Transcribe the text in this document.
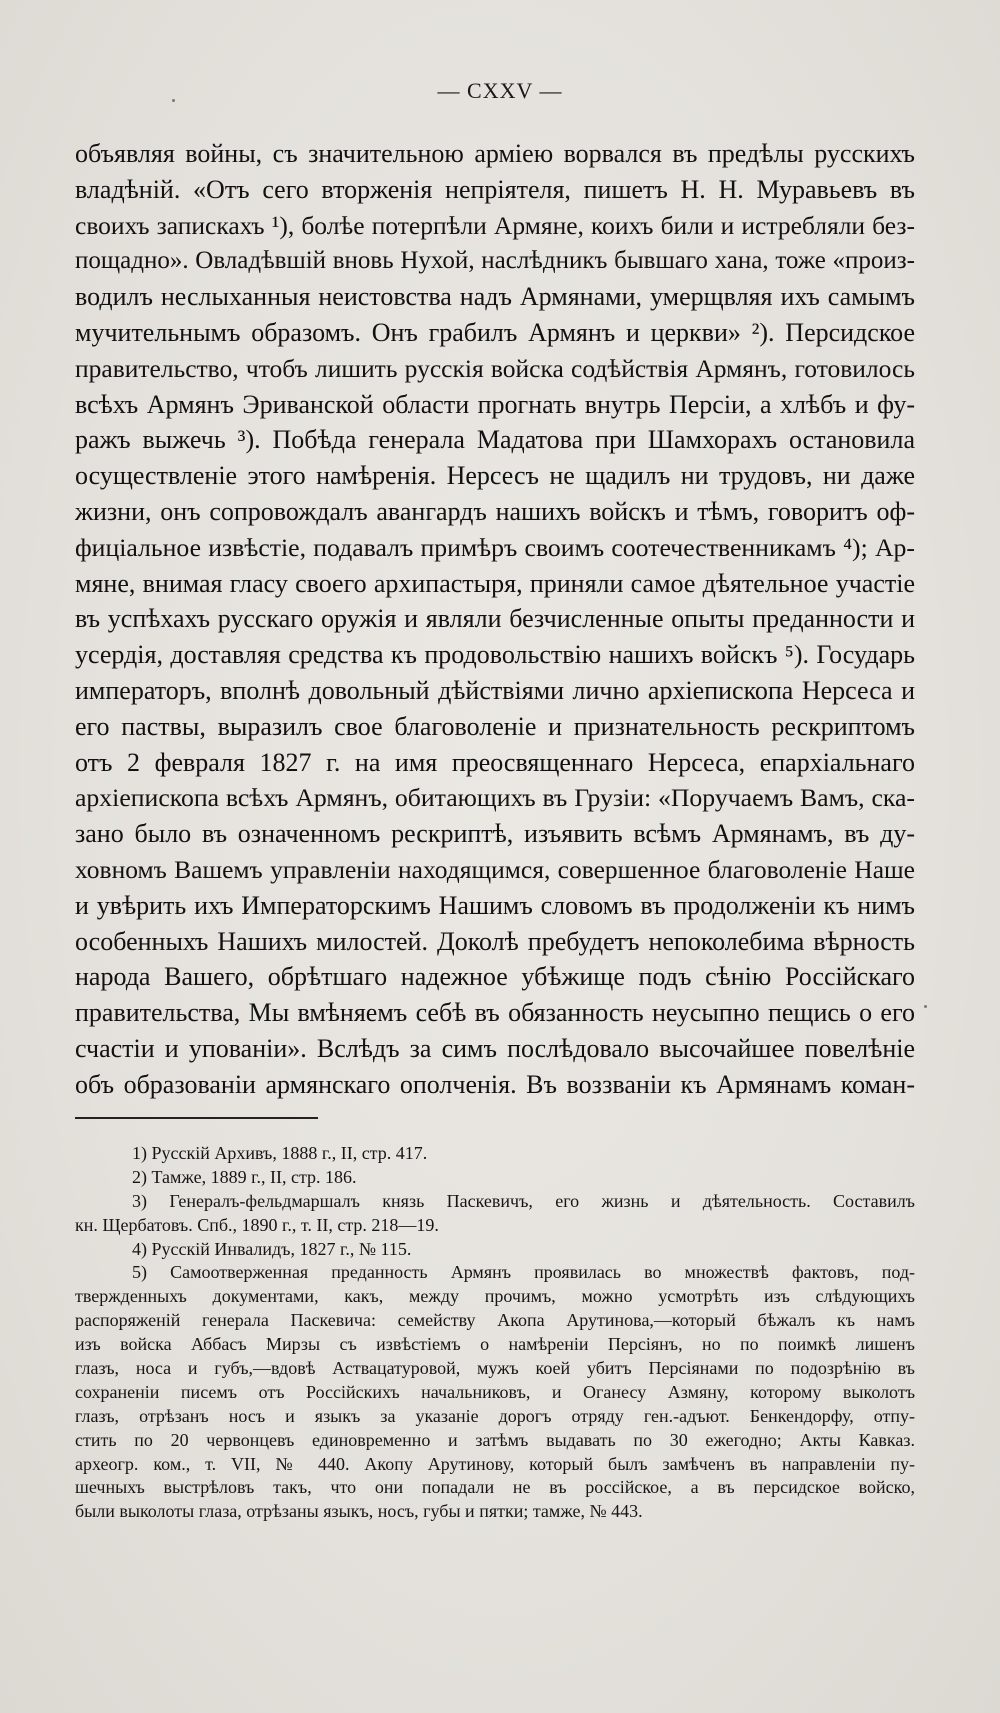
— CXXV —
объявляя войны, съ значительною арміею ворвался въ предѣлы русскихъ
владѣній. «Отъ сего вторженія непріятеля, пишетъ Н. Н. Муравьевъ въ
своихъ запискахъ ¹), болѣе потерпѣли Армяне, коихъ били и истребляли без-
пощадно». Овладѣвшій вновь Нухой, наслѣдникъ бывшаго хана, тоже «произ-
водилъ неслыханныя неистовства надъ Армянами, умерщвляя ихъ самымъ
мучительнымъ образомъ. Онъ грабилъ Армянъ и церкви» ²). Персидское
правительство, чтобъ лишить русскія войска содѣйствія Армянъ, готовилось
всѣхъ Армянъ Эриванской области прогнать внутрь Персіи, а хлѣбъ и фу-
ражъ выжечь ³). Побѣда генерала Мадатова при Шамхорахъ остановила
осуществленіе этого намѣренія. Нерсесъ не щадилъ ни трудовъ, ни даже
жизни, онъ сопровождалъ авангардъ нашихъ войскъ и тѣмъ, говоритъ оф-
фиціальное извѣстіе, подавалъ примѣръ своимъ соотечественникамъ ⁴); Ар-
мяне, внимая гласу своего архипастыря, приняли самое дѣятельное участіе
въ успѣхахъ русскаго оружія и являли безчисленные опыты преданности и
усердія, доставляя средства къ продовольствію нашихъ войскъ ⁵). Государь
императоръ, вполнѣ довольный дѣйствіями лично архіепископа Нерсеса и
его паствы, выразилъ свое благоволеніе и признательность рескриптомъ
отъ 2 февраля 1827 г. на имя преосвященнаго Нерсеса, епархіальнаго
архіепископа всѣхъ Армянъ, обитающихъ въ Грузіи: «Поручаемъ Вамъ, ска-
зано было въ означенномъ рескриптѣ, изъявить всѣмъ Армянамъ, въ ду-
ховномъ Вашемъ управленіи находящимся, совершенное благоволеніе Наше
и увѣрить ихъ Императорскимъ Нашимъ словомъ въ продолженіи къ нимъ
особенныхъ Нашихъ милостей. Доколѣ пребудетъ непоколебима вѣрность
народа Вашего, обрѣтшаго надежное убѣжище подъ сѣнію Россійскаго
правительства, Мы вмѣняемъ себѣ въ обязанность неусыпно пещись о его
счастіи и упованіи». Вслѣдъ за симъ послѣдовало высочайшее повелѣніе
объ образованіи армянскаго ополченія. Въ воззваніи къ Армянамъ коман-
1) Русскій Архивъ, 1888 г., II, стр. 417.
2) Тамже, 1889 г., II, стр. 186.
3) Генералъ-фельдмаршалъ князь Паскевичъ, его жизнь и дѣятельность. Составилъ
кн. Щербатовъ. Спб., 1890 г., т. II, стр. 218—19.
4) Русскій Инвалидъ, 1827 г., № 115.
5) Самоотверженная преданность Армянъ проявилась во множествѣ фактовъ, под-
твержденныхъ документами, какъ, между прочимъ, можно усмотрѣть изъ слѣдующихъ
распоряженій генерала Паскевича: семейству Акопа Арутинова,—который бѣжалъ къ намъ
изъ войска Аббасъ Мирзы съ извѣстіемъ о намѣреніи Персіянъ, но по поимкѣ лишенъ
глазъ, носа и губъ,—вдовѣ Аствацатуровой, мужъ коей убитъ Персіянами по подозрѣнію въ
сохраненіи писемъ отъ Россійскихъ начальниковъ, и Оганесу Азмяну, которому выколотъ
глазъ, отрѣзанъ носъ и языкъ за указаніе дорогъ отряду ген.-адъют. Бенкендорфу, отпу-
стить по 20 червонцевъ единовременно и затѣмъ выдавать по 30 ежегодно; Акты Кавказ.
археогр. ком., т. VII, № 440. Акопу Арутинову, который былъ замѣченъ въ направленіи пу-
шечныхъ выстрѣловъ такъ, что они попадали не въ россійское, а въ персидское войско,
были выколоты глаза, отрѣзаны языкъ, носъ, губы и пятки; тамже, № 443.
